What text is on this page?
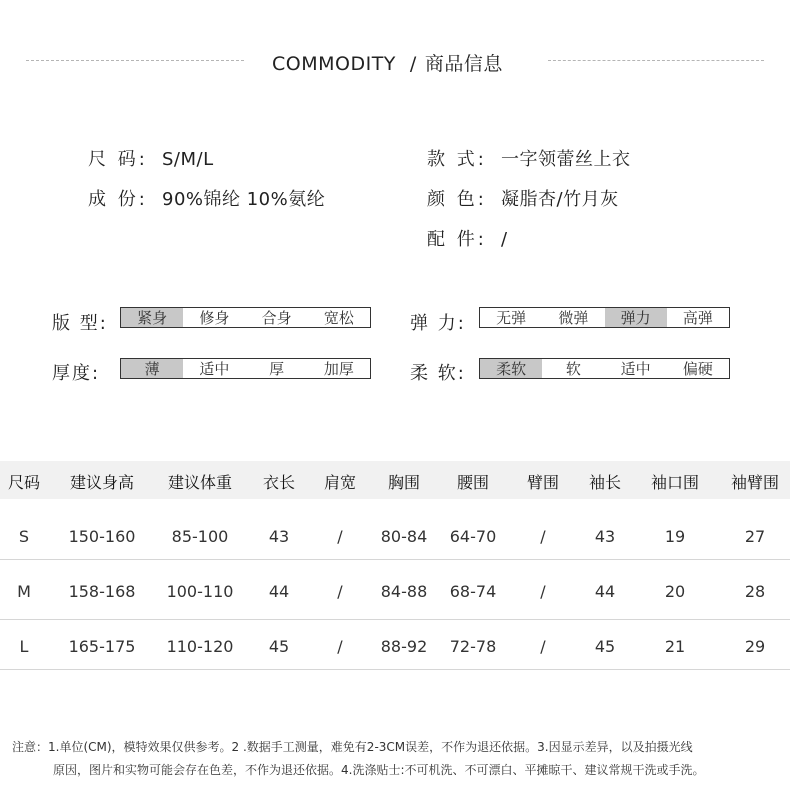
COMMODITY / 商品信息
尺 码: S/M/L
成 份: 90%锦纶 10%氨纶
款 式: 一字领蕾丝上衣
颜 色: 凝脂杏/竹月灰
配 件: /
版 型:	紧身	修身	合身	宽松	弹 力:	无弹	微弹	弹力	高弹
厚度:	薄	适中	厚	加厚	柔 软:	柔软	软	适中	偏硬
尺码 建议身高 建议体重 衣长 肩宽 胸围 腰围 臂围 袖长 袖口围 袖臂围
S 150-160 85-100	43	/ 80-84 64-70	/	43	19	27
M 158-168 100-110 44	/ 84-88 68-74	/	44	20	28
L	165-175 110-120 45	/ 88-92 72-78	/	45	21	29
注意：1.单位(CM)，模特效果仅供参考。2 .数据手工测量，难免有2-3CM误差，不作为退还依据。3.因显示差异，以及拍摄光线
原因，图片和实物可能会存在色差，不作为退还依据。4.洗涤贴士:不可机洗、不可漂白、平摊晾干、建议常规干洗或手洗。
